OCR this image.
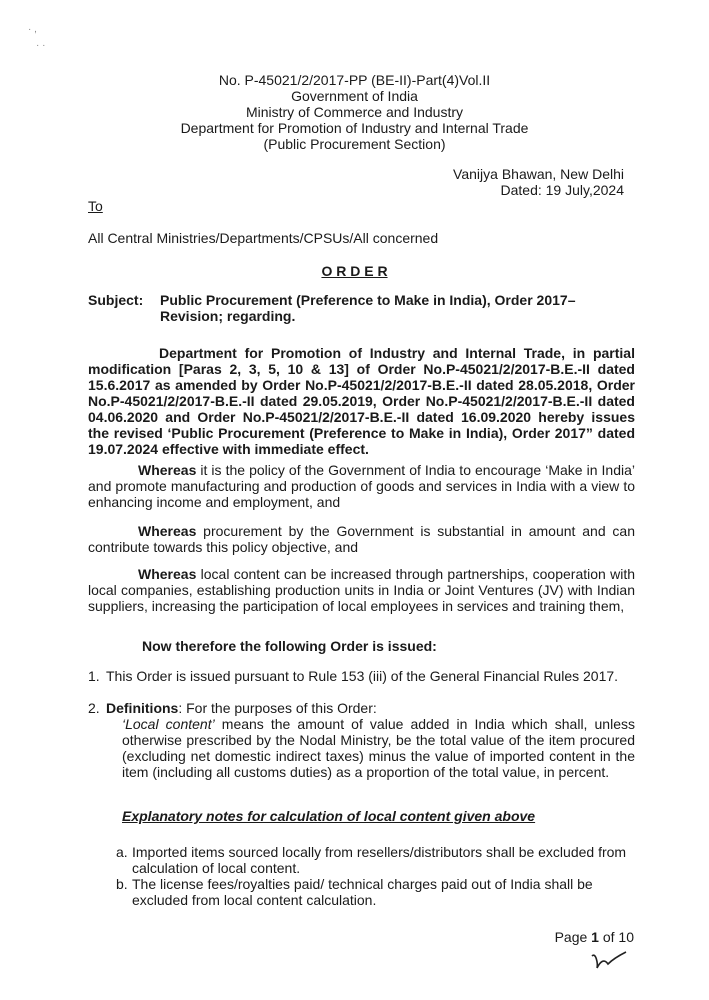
· ,
· ·
No. P-45021/2/2017-PP (BE-II)-Part(4)Vol.II
Government of India
Ministry of Commerce and Industry
Department for Promotion of Industry and Internal Trade
(Public Procurement Section)
Vanijya Bhawan, New Delhi
Dated: 19 July,2024
To
All Central Ministries/Departments/CPSUs/All concerned
O R D E R
Subject: Public Procurement (Preference to Make in India), Order 2017–
Revision; regarding.
Department for Promotion of Industry and Internal Trade, in partial modification [Paras 2, 3, 5, 10 & 13] of Order No.P-45021/2/2017-B.E.-II dated 15.6.2017 as amended by Order No.P-45021/2/2017-B.E.-II dated 28.05.2018, Order No.P-45021/2/2017-B.E.-II dated 29.05.2019, Order No.P-45021/2/2017-B.E.-II dated 04.06.2020 and Order No.P-45021/2/2017-B.E.-II dated 16.09.2020 hereby issues the revised ‘Public Procurement (Preference to Make in India), Order 2017” dated 19.07.2024 effective with immediate effect.
Whereas it is the policy of the Government of India to encourage ‘Make in India’ and promote manufacturing and production of goods and services in India with a view to enhancing income and employment, and
Whereas procurement by the Government is substantial in amount and can contribute towards this policy objective, and
Whereas local content can be increased through partnerships, cooperation with local companies, establishing production units in India or Joint Ventures (JV) with Indian suppliers, increasing the participation of local employees in services and training them,
Now therefore the following Order is issued:
1. This Order is issued pursuant to Rule 153 (iii) of the General Financial Rules 2017.
2. Definitions: For the purposes of this Order:
‘Local content’ means the amount of value added in India which shall, unless otherwise prescribed by the Nodal Ministry, be the total value of the item procured (excluding net domestic indirect taxes) minus the value of imported content in the item (including all customs duties) as a proportion of the total value, in percent.
Explanatory notes for calculation of local content given above
a. Imported items sourced locally from resellers/distributors shall be excluded from calculation of local content.
b. The license fees/royalties paid/ technical charges paid out of India shall be excluded from local content calculation.
Page 1 of 10
